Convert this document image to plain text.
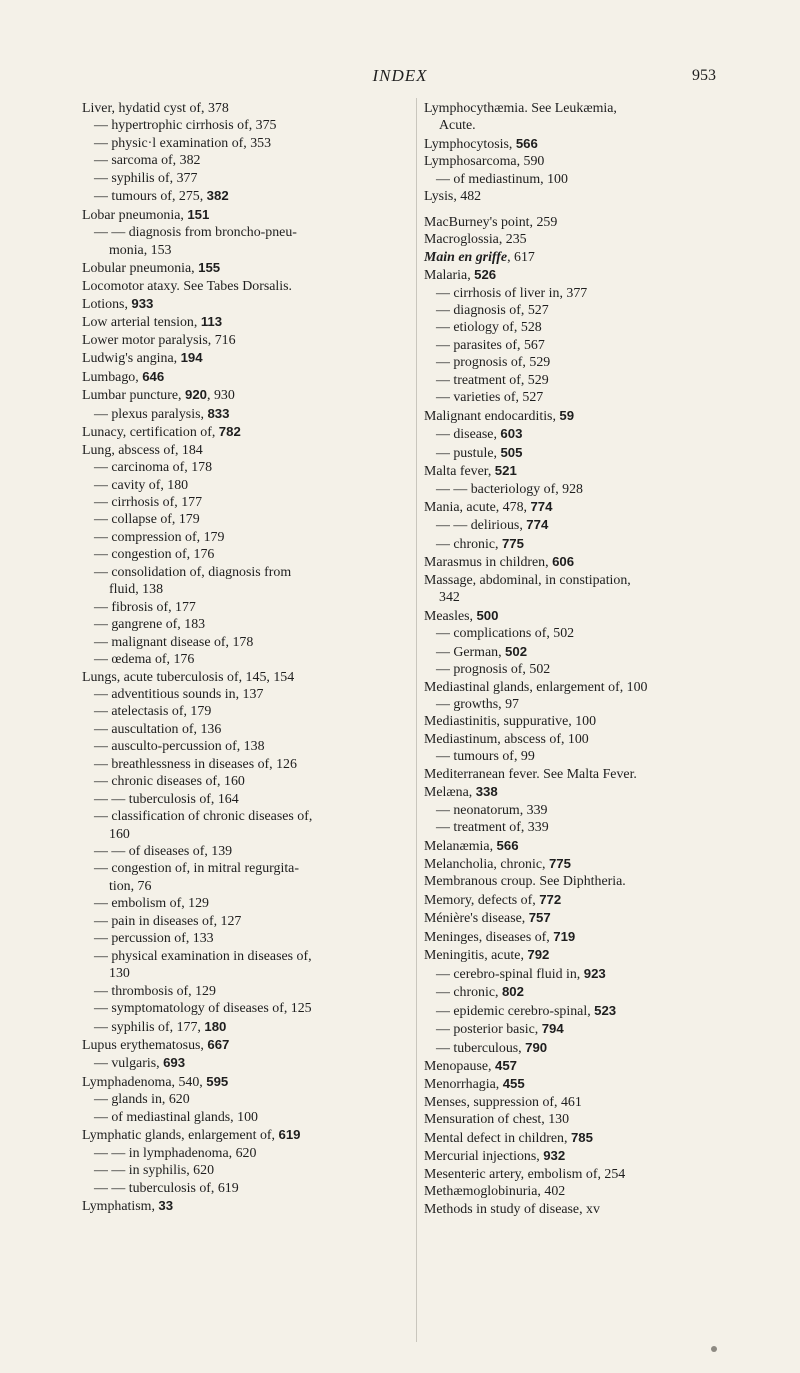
INDEX	953
Liver, hydatid cyst of, 378
— hypertrophic cirrhosis of, 375
— physic·l examination of, 353
— sarcoma of, 382
— syphilis of, 377
— tumours of, 275, 382
Lobar pneumonia, 151
— — diagnosis from broncho-pneu-
monia, 153
Lobular pneumonia, 155
Locomotor ataxy. See Tabes Dorsalis.
Lotions, 933
Low arterial tension, 113
Lower motor paralysis, 716
Ludwig's angina, 194
Lumbago, 646
Lumbar puncture, 920, 930
— plexus paralysis, 833
Lunacy, certification of, 782
Lung, abscess of, 184
— carcinoma of, 178
— cavity of, 180
— cirrhosis of, 177
— collapse of, 179
— compression of, 179
— congestion of, 176
— consolidation of, diagnosis from
fluid, 138
— fibrosis of, 177
— gangrene of, 183
— malignant disease of, 178
— œdema of, 176
Lungs, acute tuberculosis of, 145, 154
— adventitious sounds in, 137
— atelectasis of, 179
— auscultation of, 136
— ausculto-percussion of, 138
— breathlessness in diseases of, 126
— chronic diseases of, 160
— — tuberculosis of, 164
— classification of chronic diseases of,
160
— — of diseases of, 139
— congestion of, in mitral regurgita-
tion, 76
— embolism of, 129
— pain in diseases of, 127
— percussion of, 133
— physical examination in diseases of,
130
— thrombosis of, 129
— symptomatology of diseases of, 125
— syphilis of, 177, 180
Lupus erythematosus, 667
— vulgaris, 693
Lymphadenoma, 540, 595
— glands in, 620
— of mediastinal glands, 100
Lymphatic glands, enlargement of, 619
— — in lymphadenoma, 620
— — in syphilis, 620
— — tuberculosis of, 619
Lymphatism, 33
Lymphocythæmia. See Leukæmia,
Acute.
Lymphocytosis, 566
Lymphosarcoma, 590
— of mediastinum, 100
Lysis, 482
MacBurney's point, 259
Macroglossia, 235
Main en griffe, 617
Malaria, 526
— cirrhosis of liver in, 377
— diagnosis of, 527
— etiology of, 528
— parasites of, 567
— prognosis of, 529
— treatment of, 529
— varieties of, 527
Malignant endocarditis, 59
— disease, 603
— pustule, 505
Malta fever, 521
— — bacteriology of, 928
Mania, acute, 478, 774
— — delirious, 774
— chronic, 775
Marasmus in children, 606
Massage, abdominal, in constipation,
342
Measles, 500
— complications of, 502
— German, 502
— prognosis of, 502
Mediastinal glands, enlargement of, 100
— growths, 97
Mediastinitis, suppurative, 100
Mediastinum, abscess of, 100
— tumours of, 99
Mediterranean fever. See Malta Fever.
Melæna, 338
— neonatorum, 339
— treatment of, 339
Melanæmia, 566
Melancholia, chronic, 775
Membranous croup. See Diphtheria.
Memory, defects of, 772
Ménière's disease, 757
Meninges, diseases of, 719
Meningitis, acute, 792
— cerebro-spinal fluid in, 923
— chronic, 802
— epidemic cerebro-spinal, 523
— posterior basic, 794
— tuberculous, 790
Menopause, 457
Menorrhagia, 455
Menses, suppression of, 461
Mensuration of chest, 130
Mental defect in children, 785
Mercurial injections, 932
Mesenteric artery, embolism of, 254
Methæmoglobinuria, 402
Methods in study of disease, xv
